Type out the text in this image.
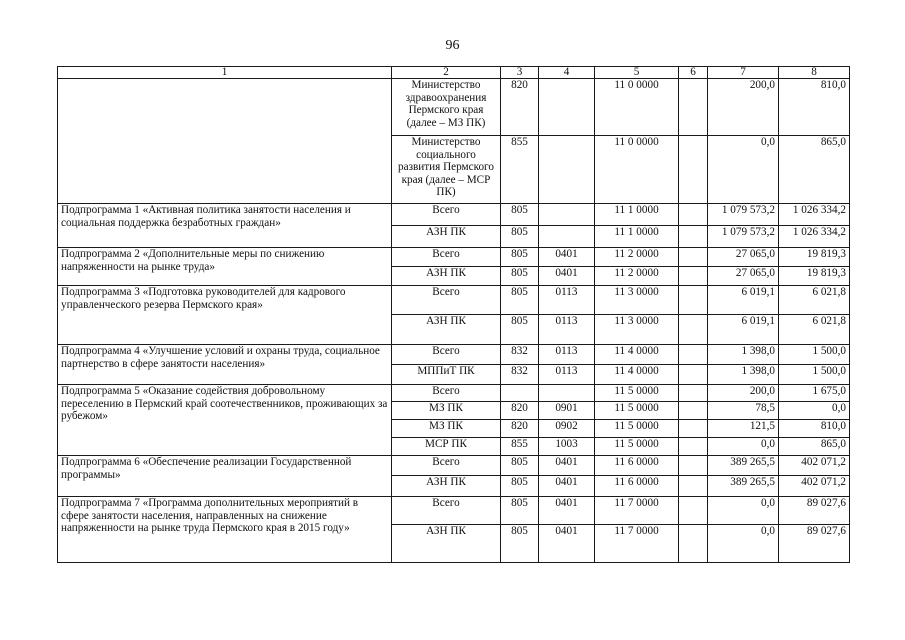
96
1	2	3	4	5	6	7	8
	Министерство здравоохранения Пермского края (далее – МЗ ПК)	820		11 0 0000		200,0	810,0
	Министерство социального развития Пермского края (далее – МСР ПК)	855		11 0 0000		0,0	865,0
Подпрограмма 1 «Активная политика занятости населения и социальная поддержка безработных граждан»	Всего	805		11 1 0000		1 079 573,2	1 026 334,2
	АЗН ПК	805		11 1 0000		1 079 573,2	1 026 334,2
Подпрограмма 2 «Дополнительные меры по снижению напряженности на рынке труда»	Всего	805	0401	11 2 0000		27 065,0	19 819,3
	АЗН ПК	805	0401	11 2 0000		27 065,0	19 819,3
Подпрограмма 3 «Подготовка руководителей для кадрового управленческого резерва Пермского края»	Всего	805	0113	11 3 0000		6 019,1	6 021,8
	АЗН ПК	805	0113	11 3 0000		6 019,1	6 021,8
Подпрограмма 4 «Улучшение условий и охраны труда, социальное партнерство в сфере занятости населения»	Всего	832	0113	11 4 0000		1 398,0	1 500,0
	МППиТ ПК	832	0113	11 4 0000		1 398,0	1 500,0
Подпрограмма 5 «Оказание содействия добровольному переселению в Пермский край соотечественников, проживающих за рубежом»	Всего			11 5 0000		200,0	1 675,0
	МЗ ПК	820	0901	11 5 0000		78,5	0,0
	МЗ ПК	820	0902	11 5 0000		121,5	810,0
	МСР ПК	855	1003	11 5 0000		0,0	865,0
Подпрограмма 6 «Обеспечение реализации Государственной программы»	Всего	805	0401	11 6 0000		389 265,5	402 071,2
	АЗН ПК	805	0401	11 6 0000		389 265,5	402 071,2
Подпрограмма 7 «Программа дополнительных мероприятий в сфере занятости населения, направленных на снижение напряженности на рынке труда Пермского края в 2015 году»	Всего	805	0401	11 7 0000		0,0	89 027,6
	АЗН ПК	805	0401	11 7 0000		0,0	89 027,6
